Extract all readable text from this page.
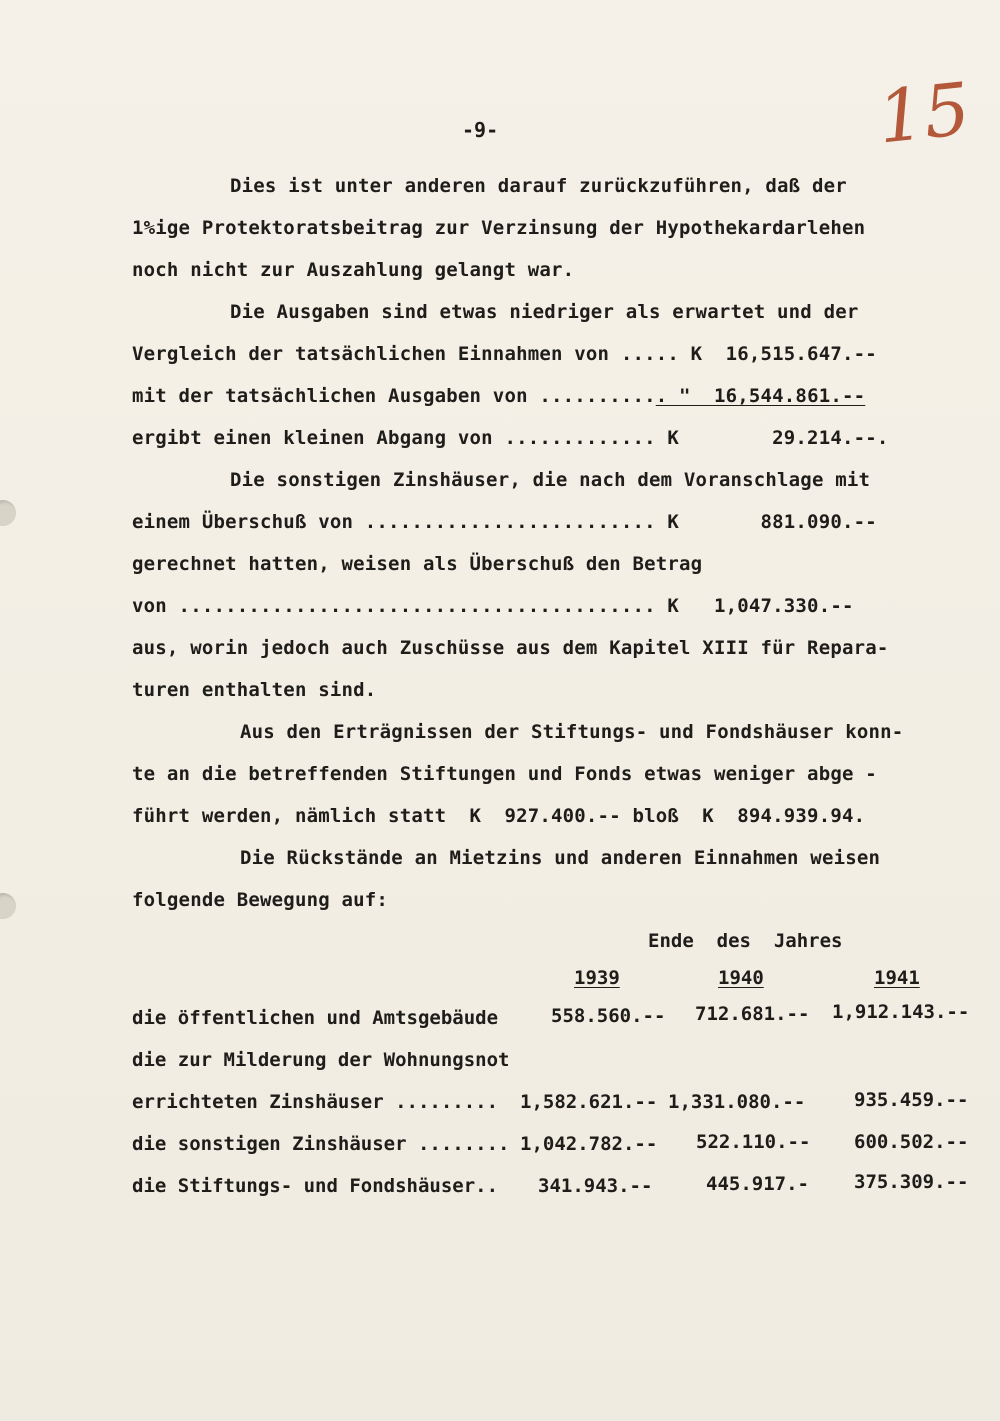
15
-9-
Dies ist unter anderen darauf zurückzuführen, daß der
1%ige Protektoratsbeitrag zur Verzinsung der Hypothekardarlehen
noch nicht zur Auszahlung gelangt war.
Die Ausgaben sind etwas niedriger als erwartet und der
Vergleich der tatsächlichen Einnahmen von ..... K  16,515.647.--
mit der tatsächlichen Ausgaben von ........... "  16,544.861.--
ergibt einen kleinen Abgang von ............. K        29.214.--.
Die sonstigen Zinshäuser, die nach dem Voranschlage mit
einem Überschuß von ......................... K       881.090.--
gerechnet hatten, weisen als Überschuß den Betrag
von ......................................... K   1,047.330.--
aus, worin jedoch auch Zuschüsse aus dem Kapitel XIII für Repara-
turen enthalten sind.
Aus den Erträgnissen der Stiftungs- und Fondshäuser konn-
te an die betreffenden Stiftungen und Fonds etwas weniger abge -
führt werden, nämlich statt  K  927.400.-- bloß  K  894.939.94.
Die Rückstände an Mietzins und anderen Einnahmen weisen
folgende Bewegung auf:
Ende  des  Jahres
1939	1940	1941
die öffentlichen und Amtsgebäude	558.560.-- 712.681.-- 1,912.143.--
die zur Milderung der Wohnungsnot
errichteten Zinshäuser ......... 1,582.621.-- 1,331.080.--	935.459.--
die sonstigen Zinshäuser ........ 1,042.782.-- 522.110.-- 600.502.--
die Stiftungs- und Fondshäuser.. 341.943.--	445.917.- 375.309.--
